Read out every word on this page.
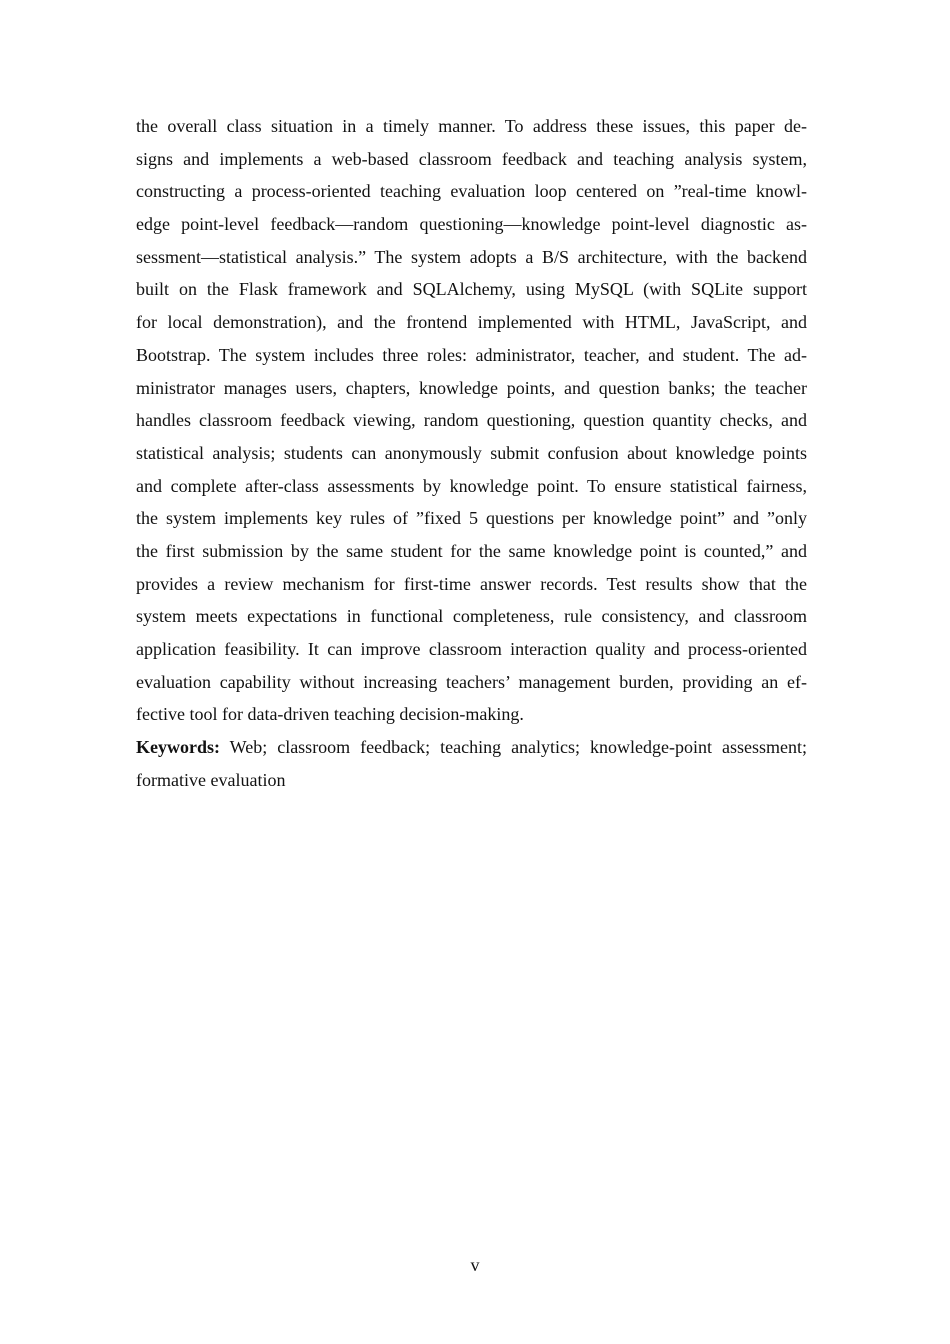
the overall class situation in a timely manner. To address these issues, this paper de-
signs and implements a web-based classroom feedback and teaching analysis system,
constructing a process-oriented teaching evaluation loop centered on ”real-time knowl-
edge point-level feedback—random questioning—knowledge point-level diagnostic as-
sessment—statistical analysis.” The system adopts a B/S architecture, with the backend
built on the Flask framework and SQLAlchemy, using MySQL (with SQLite support
for local demonstration), and the frontend implemented with HTML, JavaScript, and
Bootstrap. The system includes three roles: administrator, teacher, and student. The ad-
ministrator manages users, chapters, knowledge points, and question banks; the teacher
handles classroom feedback viewing, random questioning, question quantity checks, and
statistical analysis; students can anonymously submit confusion about knowledge points
and complete after-class assessments by knowledge point. To ensure statistical fairness,
the system implements key rules of ”fixed 5 questions per knowledge point” and ”only
the first submission by the same student for the same knowledge point is counted,” and
provides a review mechanism for first-time answer records. Test results show that the
system meets expectations in functional completeness, rule consistency, and classroom
application feasibility. It can improve classroom interaction quality and process-oriented
evaluation capability without increasing teachers’ management burden, providing an ef-
fective tool for data-driven teaching decision-making.
Keywords: Web; classroom feedback; teaching analytics; knowledge-point assessment;
formative evaluation
v
